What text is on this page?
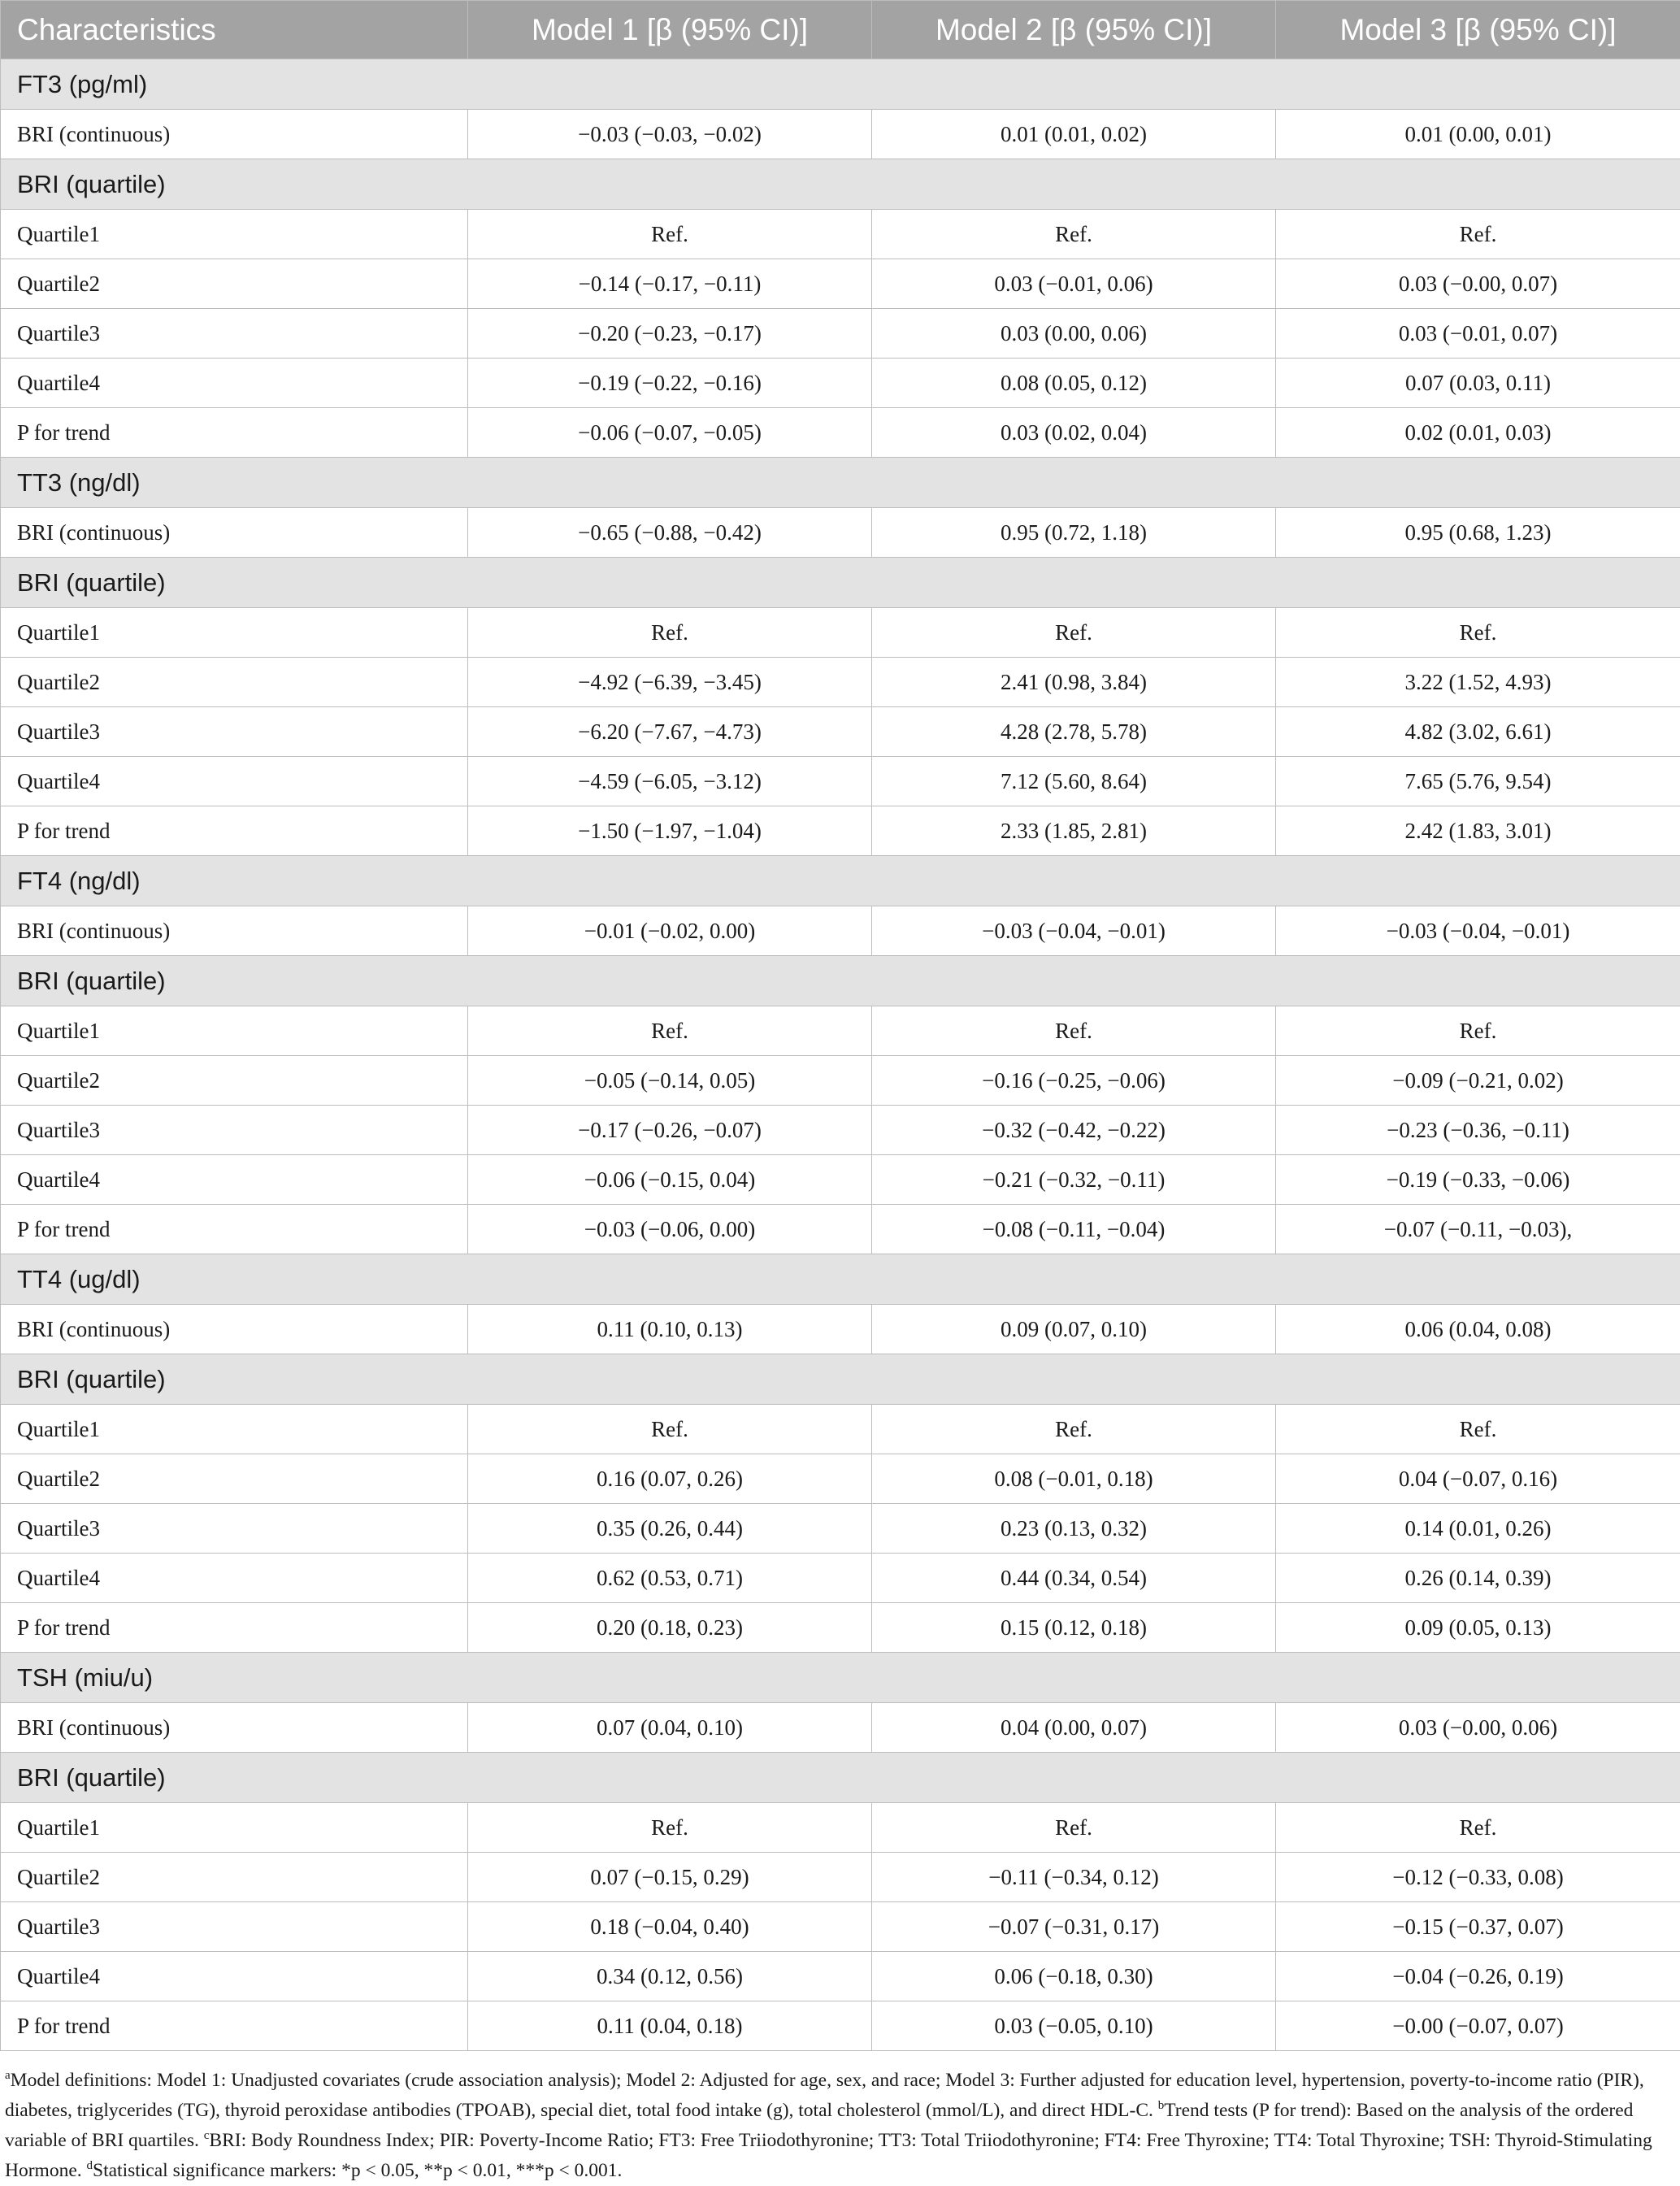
Characteristics	Model 1 [β (95% CI)]	Model 2 [β (95% CI)]	Model 3 [β (95% CI)]
FT3 (pg/ml)			
BRI (continuous)	−0.03 (−0.03, −0.02)	0.01 (0.01, 0.02)	0.01 (0.00, 0.01)
BRI (quartile)			
Quartile1	Ref.	Ref.	Ref.
Quartile2	−0.14 (−0.17, −0.11)	0.03 (−0.01, 0.06)	0.03 (−0.00, 0.07)
Quartile3	−0.20 (−0.23, −0.17)	0.03 (0.00, 0.06)	0.03 (−0.01, 0.07)
Quartile4	−0.19 (−0.22, −0.16)	0.08 (0.05, 0.12)	0.07 (0.03, 0.11)
P for trend	−0.06 (−0.07, −0.05)	0.03 (0.02, 0.04)	0.02 (0.01, 0.03)
TT3 (ng/dl)			
BRI (continuous)	−0.65 (−0.88, −0.42)	0.95 (0.72, 1.18)	0.95 (0.68, 1.23)
BRI (quartile)			
Quartile1	Ref.	Ref.	Ref.
Quartile2	−4.92 (−6.39, −3.45)	2.41 (0.98, 3.84)	3.22 (1.52, 4.93)
Quartile3	−6.20 (−7.67, −4.73)	4.28 (2.78, 5.78)	4.82 (3.02, 6.61)
Quartile4	−4.59 (−6.05, −3.12)	7.12 (5.60, 8.64)	7.65 (5.76, 9.54)
P for trend	−1.50 (−1.97, −1.04)	2.33 (1.85, 2.81)	2.42 (1.83, 3.01)
FT4 (ng/dl)			
BRI (continuous)	−0.01 (−0.02, 0.00)	−0.03 (−0.04, −0.01)	−0.03 (−0.04, −0.01)
BRI (quartile)			
Quartile1	Ref.	Ref.	Ref.
Quartile2	−0.05 (−0.14, 0.05)	−0.16 (−0.25, −0.06)	−0.09 (−0.21, 0.02)
Quartile3	−0.17 (−0.26, −0.07)	−0.32 (−0.42, −0.22)	−0.23 (−0.36, −0.11)
Quartile4	−0.06 (−0.15, 0.04)	−0.21 (−0.32, −0.11)	−0.19 (−0.33, −0.06)
P for trend	−0.03 (−0.06, 0.00)	−0.08 (−0.11, −0.04)	−0.07 (−0.11, −0.03),
TT4 (ug/dl)			
BRI (continuous)	0.11 (0.10, 0.13)	0.09 (0.07, 0.10)	0.06 (0.04, 0.08)
BRI (quartile)			
Quartile1	Ref.	Ref.	Ref.
Quartile2	0.16 (0.07, 0.26)	0.08 (−0.01, 0.18)	0.04 (−0.07, 0.16)
Quartile3	0.35 (0.26, 0.44)	0.23 (0.13, 0.32)	0.14 (0.01, 0.26)
Quartile4	0.62 (0.53, 0.71)	0.44 (0.34, 0.54)	0.26 (0.14, 0.39)
P for trend	0.20 (0.18, 0.23)	0.15 (0.12, 0.18)	0.09 (0.05, 0.13)
TSH (miu/u)			
BRI (continuous)	0.07 (0.04, 0.10)	0.04 (0.00, 0.07)	0.03 (−0.00, 0.06)
BRI (quartile)			
Quartile1	Ref.	Ref.	Ref.
Quartile2	0.07 (−0.15, 0.29)	−0.11 (−0.34, 0.12)	−0.12 (−0.33, 0.08)
Quartile3	0.18 (−0.04, 0.40)	−0.07 (−0.31, 0.17)	−0.15 (−0.37, 0.07)
Quartile4	0.34 (0.12, 0.56)	0.06 (−0.18, 0.30)	−0.04 (−0.26, 0.19)
P for trend	0.11 (0.04, 0.18)	0.03 (−0.05, 0.10)	−0.00 (−0.07, 0.07)
$^a$Model definitions: Model 1: Unadjusted covariates (crude association analysis); Model 2: Adjusted for age, sex, and race; Model 3: Further adjusted for education level, hypertension, poverty-to-income ratio (PIR), diabetes, triglycerides (TG), thyroid peroxidase antibodies (TPOAB), special diet, total food intake (g), total cholesterol (mmol/L), and direct HDL-C. $^b$Trend tests (P for trend): Based on the analysis of the ordered variable of BRI quartiles. $^c$BRI: Body Roundness Index; PIR: Poverty-Income Ratio; FT3: Free Triiodothyronine; TT3: Total Triiodothyronine; FT4: Free Thyroxine; TT4: Total Thyroxine; TSH: Thyroid-Stimulating Hormone. $^d$Statistical significance markers: *p < 0.05, **p < 0.01, ***p < 0.001.
